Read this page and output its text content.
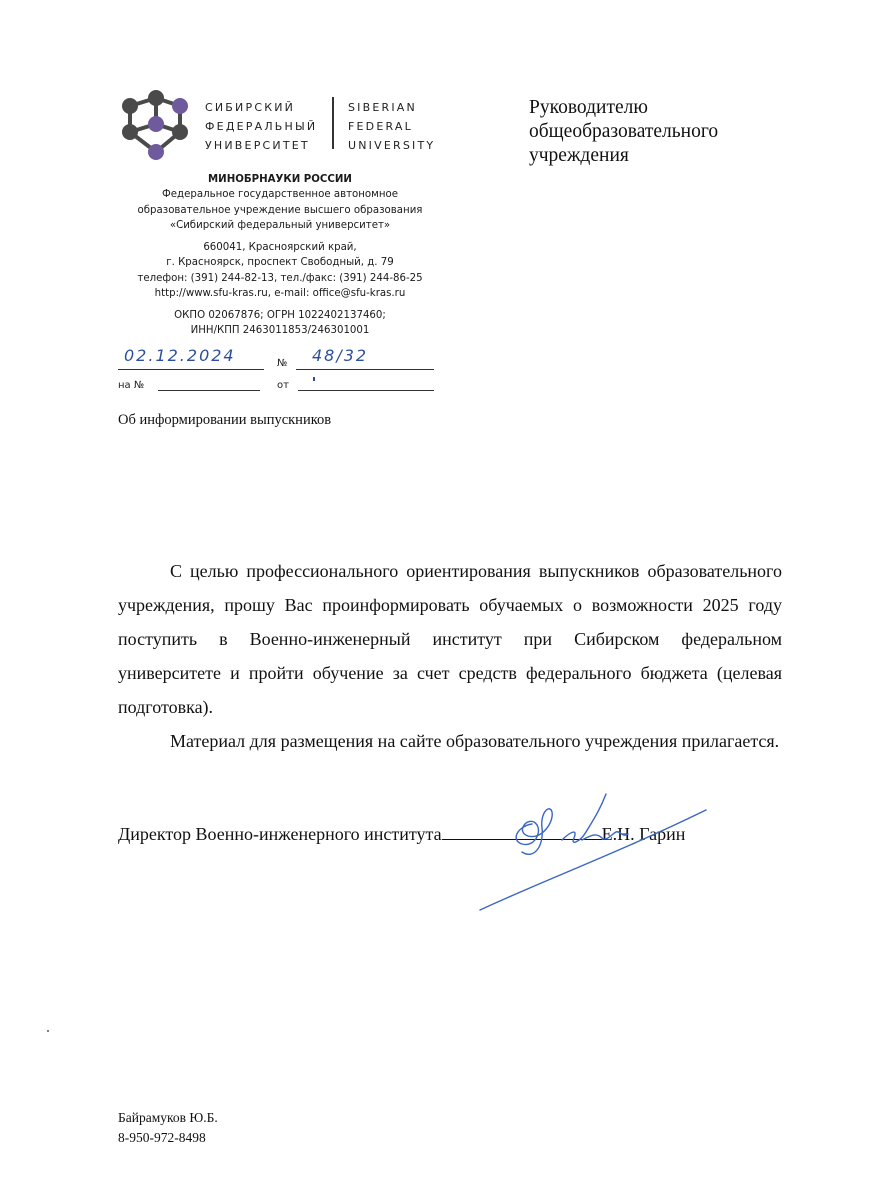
СИБИРСКИЙ
ФЕДЕРАЛЬНЫЙ
УНИВЕРСИТЕТ
SIBERIAN
FEDERAL
UNIVERSITY
МИНОБРНАУКИ РОССИИ
Федеральное государственное автономное
образовательное учреждение высшего образования
«Сибирский федеральный университет»
660041, Красноярский край,
г. Красноярск, проспект Свободный, д. 79
телефон: (391) 244-82-13, тел./факс: (391) 244-86-25
http://www.sfu-kras.ru, e-mail: office@sfu-kras.ru
ОКПО 02067876; ОГРН 1022402137460;
ИНН/КПП 2463011853/246301001
02.12.2024	№ 48/32
на №	от
Руководителю
общеобразовательного
учреждения
Об информировании выпускников

С целью профессионального ориентирования выпускников образовательного учреждения, прошу Вас проинформировать обучаемых о возможности 2025 году поступить в Военно-инженерный институт при Сибирском федеральном университете и пройти обучение за счет средств федерального бюджета (целевая подготовка).

Материал для размещения на сайте образовательного учреждения прилагается.

Директор Военно-инженерного института	Е.Н. Гарин
Байрамуков Ю.Б.
8-950-972-8498
